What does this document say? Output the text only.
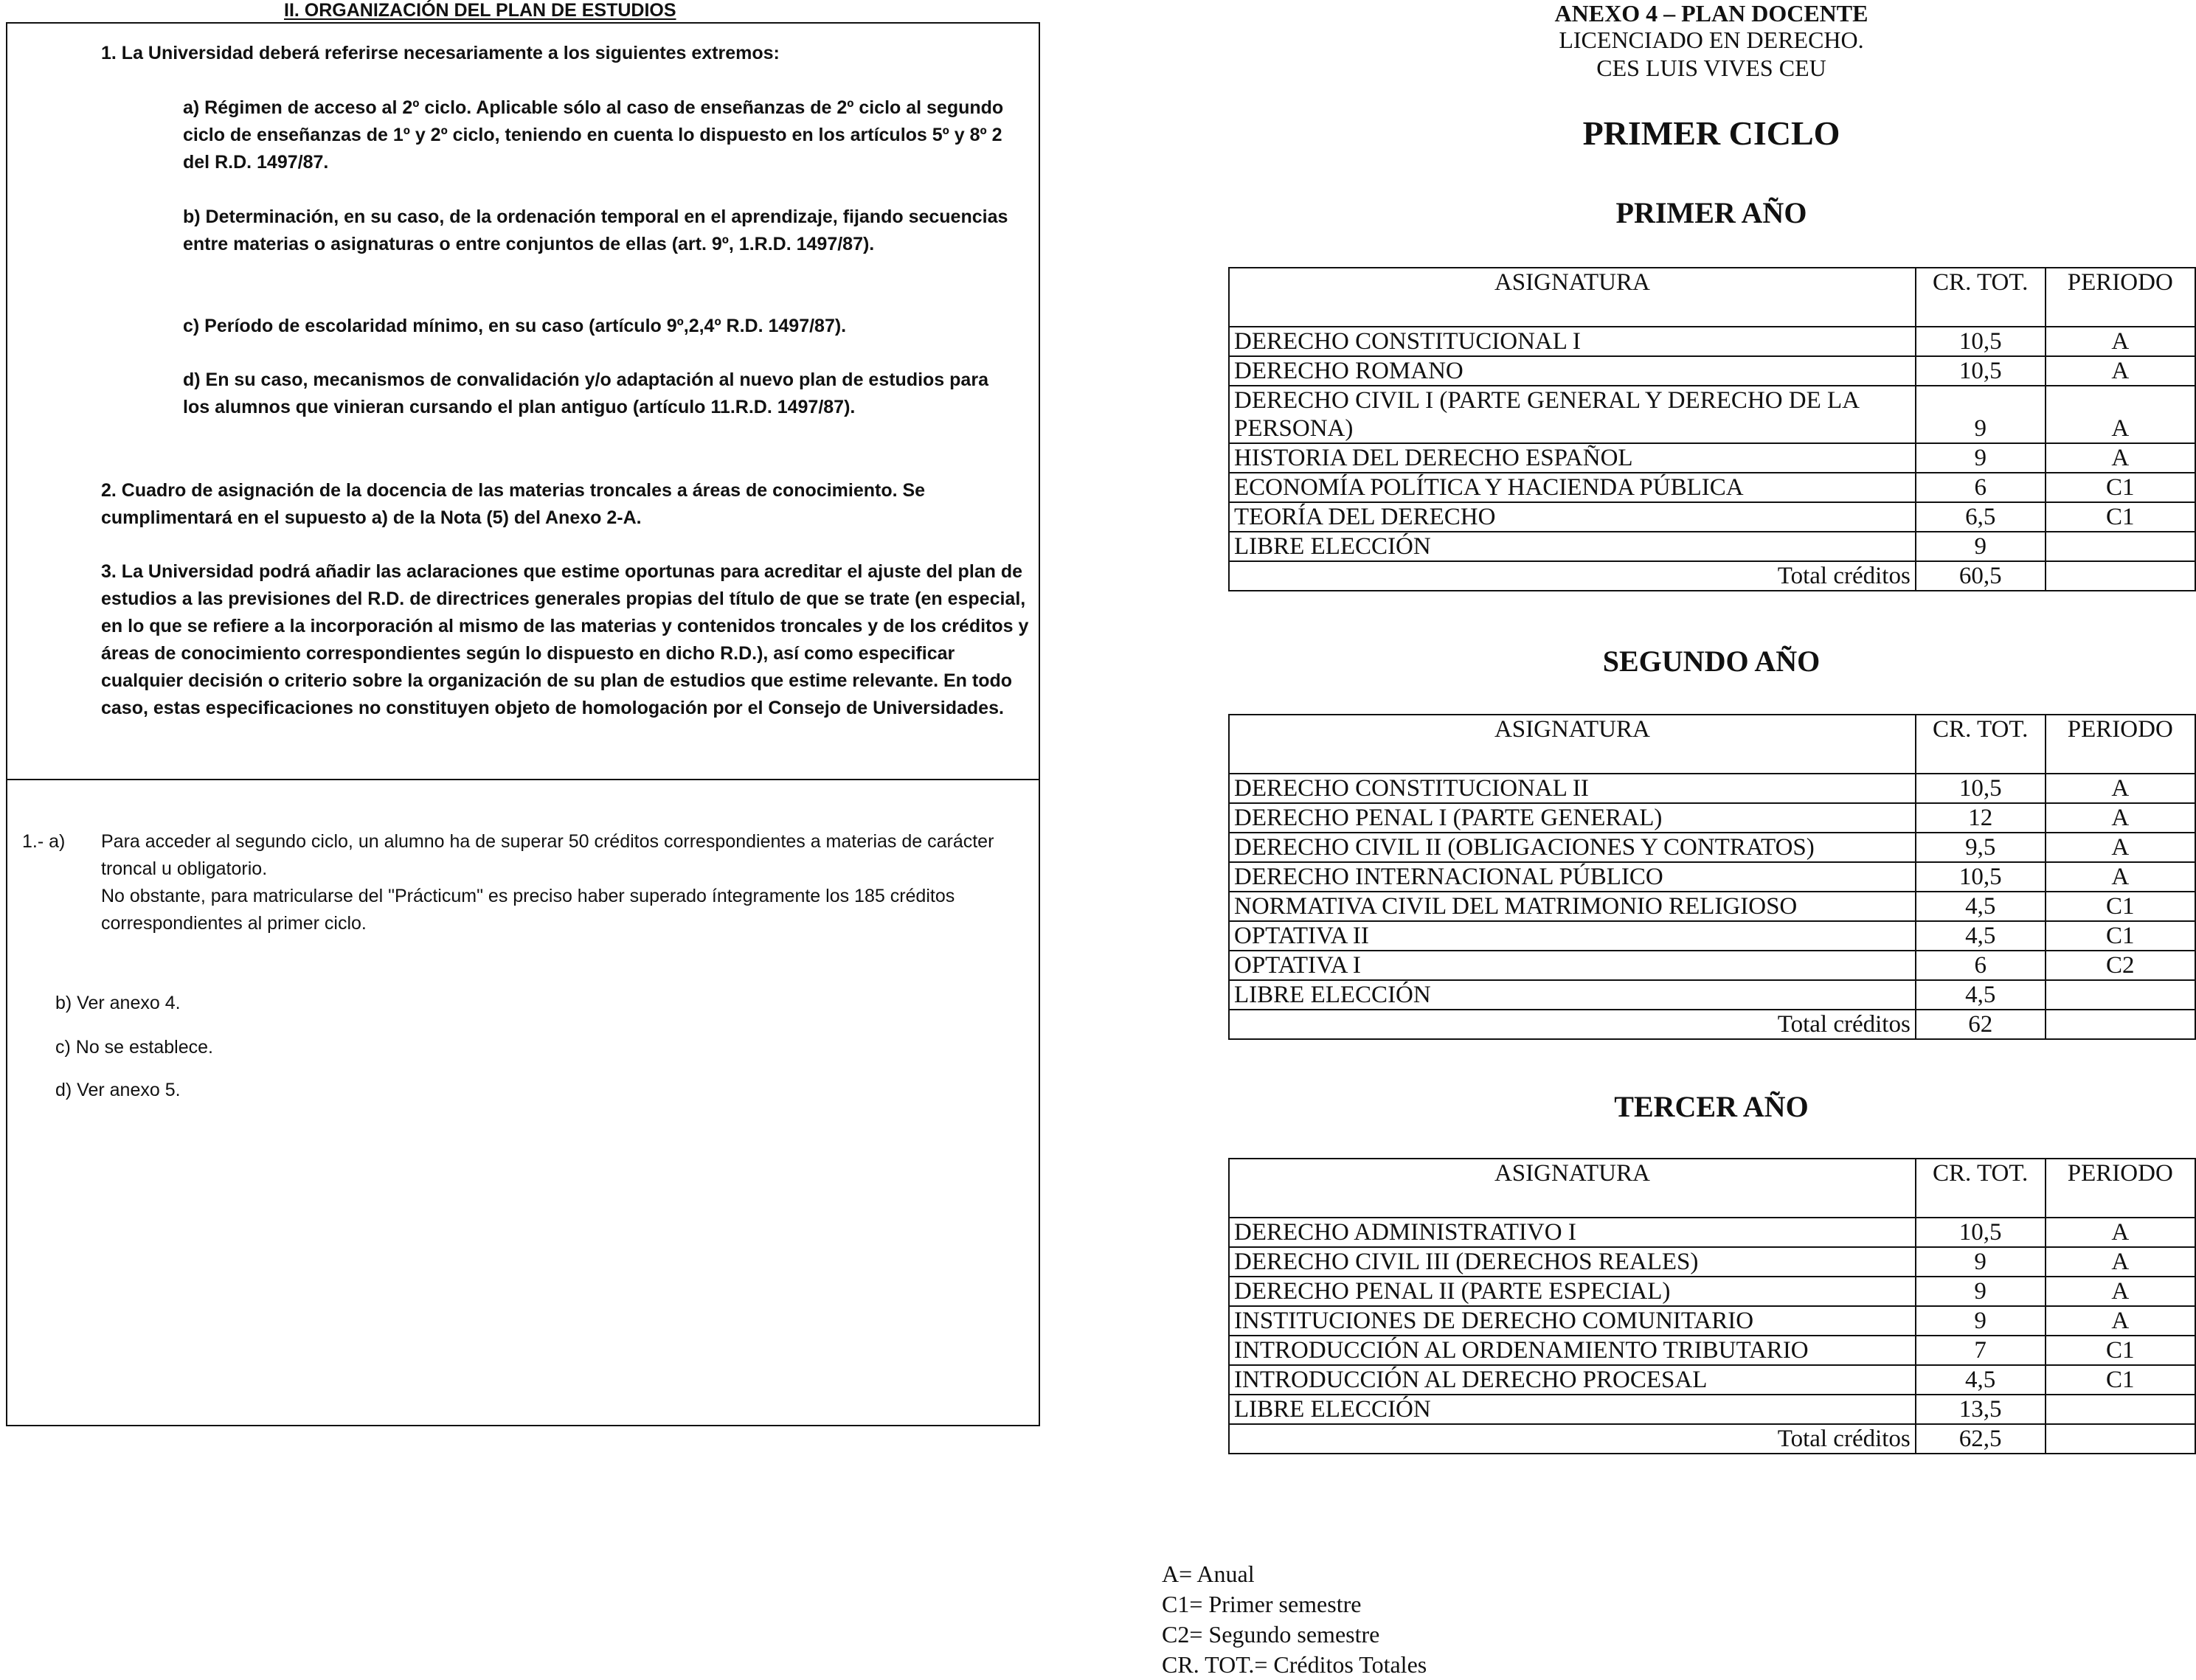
II. ORGANIZACIÓN DEL PLAN DE ESTUDIOS

1. La Universidad deberá referirse necesariamente a los siguientes extremos:

a) Régimen de acceso al 2º ciclo. Aplicable sólo al caso de enseñanzas de 2º ciclo al segundo ciclo de enseñanzas de 1º y 2º ciclo, teniendo en cuenta lo dispuesto en los artículos 5º y 8º 2 del R.D. 1497/87.

b) Determinación, en su caso, de la ordenación temporal en el aprendizaje, fijando secuencias entre materias o asignaturas o entre conjuntos de ellas (art. 9º, 1.R.D. 1497/87).

c) Período de escolaridad mínimo, en su caso (artículo 9º,2,4º R.D. 1497/87).

d) En su caso, mecanismos de convalidación y/o adaptación al nuevo plan de estudios para los alumnos que vinieran cursando el plan antiguo (artículo 11.R.D. 1497/87).

2. Cuadro de asignación de la docencia de las materias troncales a áreas de conocimiento. Se cumplimentará en el supuesto a) de la Nota (5) del Anexo 2-A.

3. La Universidad podrá añadir las aclaraciones que estime oportunas para acreditar el ajuste del plan de estudios a las previsiones del R.D. de directrices generales propias del título de que se trate (en especial, en lo que se refiere a la incorporación al mismo de las materias y contenidos troncales y de los créditos y áreas de conocimiento correspondientes según lo dispuesto en dicho R.D.), así como especificar cualquier decisión o criterio sobre la organización de su plan de estudios que estime relevante. En todo caso, estas especificaciones no constituyen objeto de homologación por el Consejo de Universidades.

1.- a) Para acceder al segundo ciclo, un alumno ha de superar 50 créditos correspondientes a materias de carácter troncal u obligatorio.
No obstante, para matricularse del "Prácticum" es preciso haber superado íntegramente los 185 créditos correspondientes al primer ciclo.

b) Ver anexo 4.

c) No se establece.

d) Ver anexo 5.

ANEXO 4 – PLAN DOCENTE
LICENCIADO EN DERECHO.
CES LUIS VIVES CEU
PRIMER CICLO
PRIMER AÑO
ASIGNATURA	CR. TOT.	PERIODO
DERECHO CONSTITUCIONAL I	10,5	A
DERECHO ROMANO	10,5	A
DERECHO CIVIL I (PARTE GENERAL Y DERECHO DE LA PERSONA)	9	A
HISTORIA DEL DERECHO ESPAÑOL	9	A
ECONOMÍA POLÍTICA Y HACIENDA PÚBLICA	6	C1
TEORÍA DEL DERECHO	6,5	C1
LIBRE ELECCIÓN	9	
Total créditos	60,5	
SEGUNDO AÑO
ASIGNATURA	CR. TOT.	PERIODO
DERECHO CONSTITUCIONAL II	10,5	A
DERECHO PENAL I (PARTE GENERAL)	12	A
DERECHO CIVIL II (OBLIGACIONES Y CONTRATOS)	9,5	A
DERECHO INTERNACIONAL PÚBLICO	10,5	A
NORMATIVA CIVIL DEL MATRIMONIO RELIGIOSO	4,5	C1
OPTATIVA II	4,5	C1
OPTATIVA I	6	C2
LIBRE ELECCIÓN	4,5	
Total créditos	62	
TERCER AÑO
ASIGNATURA	CR. TOT.	PERIODO
DERECHO ADMINISTRATIVO I	10,5	A
DERECHO CIVIL III (DERECHOS REALES)	9	A
DERECHO PENAL II (PARTE ESPECIAL)	9	A
INSTITUCIONES DE DERECHO COMUNITARIO	9	A
INTRODUCCIÓN AL ORDENAMIENTO TRIBUTARIO	7	C1
INTRODUCCIÓN AL DERECHO PROCESAL	4,5	C1
LIBRE ELECCIÓN	13,5	
Total créditos	62,5	
A= Anual
C1= Primer semestre
C2= Segundo semestre
CR. TOT.= Créditos Totales
